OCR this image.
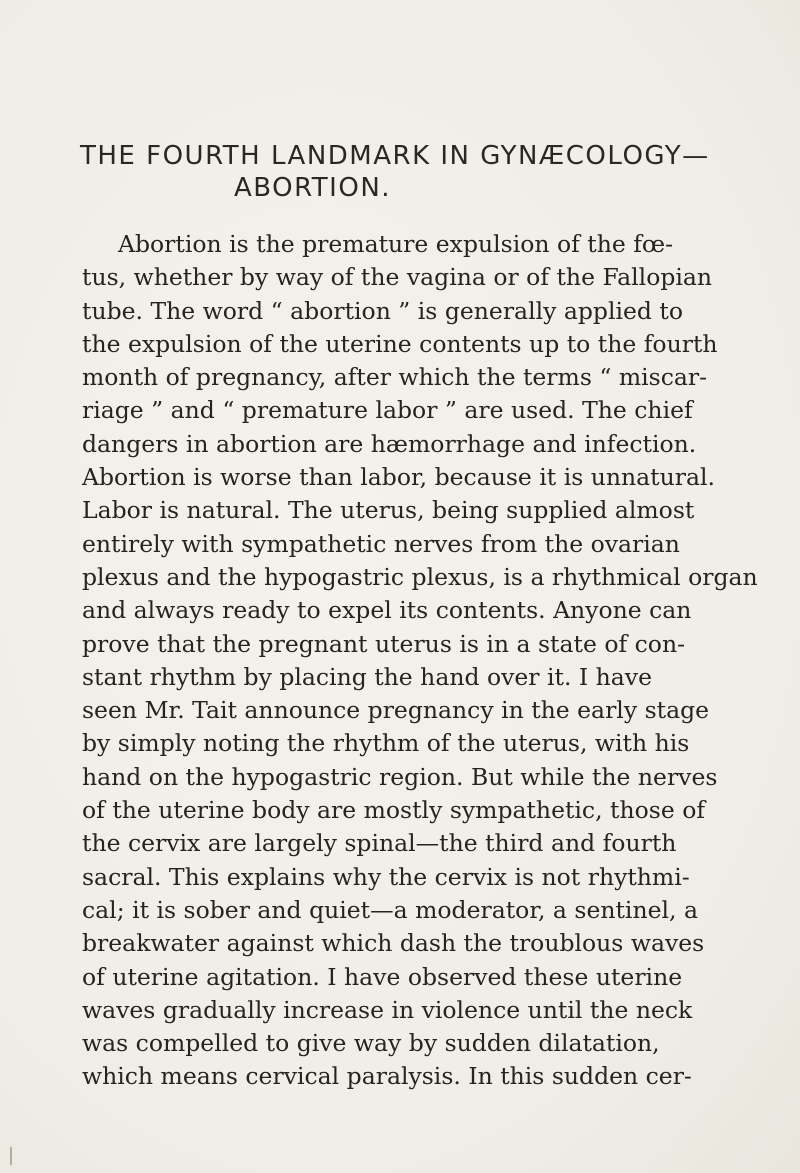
THE FOURTH LANDMARK IN GYNÆCOLOGY—
ABORTION.
Abortion is the premature expulsion of the fœ-
tus, whether by way of the vagina or of the Fallopian
tube. The word “ abortion ” is generally applied to
the expulsion of the uterine contents up to the fourth
month of pregnancy, after which the terms “ miscar-
riage ” and “ premature labor ” are used. The chief
dangers in abortion are hæmorrhage and infection.
Abortion is worse than labor, because it is unnatural.
Labor is natural. The uterus, being supplied almost
entirely with sympathetic nerves from the ovarian
plexus and the hypogastric plexus, is a rhythmical organ
and always ready to expel its contents. Anyone can
prove that the pregnant uterus is in a state of con-
stant rhythm by placing the hand over it. I have
seen Mr. Tait announce pregnancy in the early stage
by simply noting the rhythm of the uterus, with his
hand on the hypogastric region. But while the nerves
of the uterine body are mostly sympathetic, those of
the cervix are largely spinal—the third and fourth
sacral. This explains why the cervix is not rhythmi-
cal; it is sober and quiet—a moderator, a sentinel, a
breakwater against which dash the troublous waves
of uterine agitation. I have observed these uterine
waves gradually increase in violence until the neck
was compelled to give way by sudden dilatation,
which means cervical paralysis. In this sudden cer-
